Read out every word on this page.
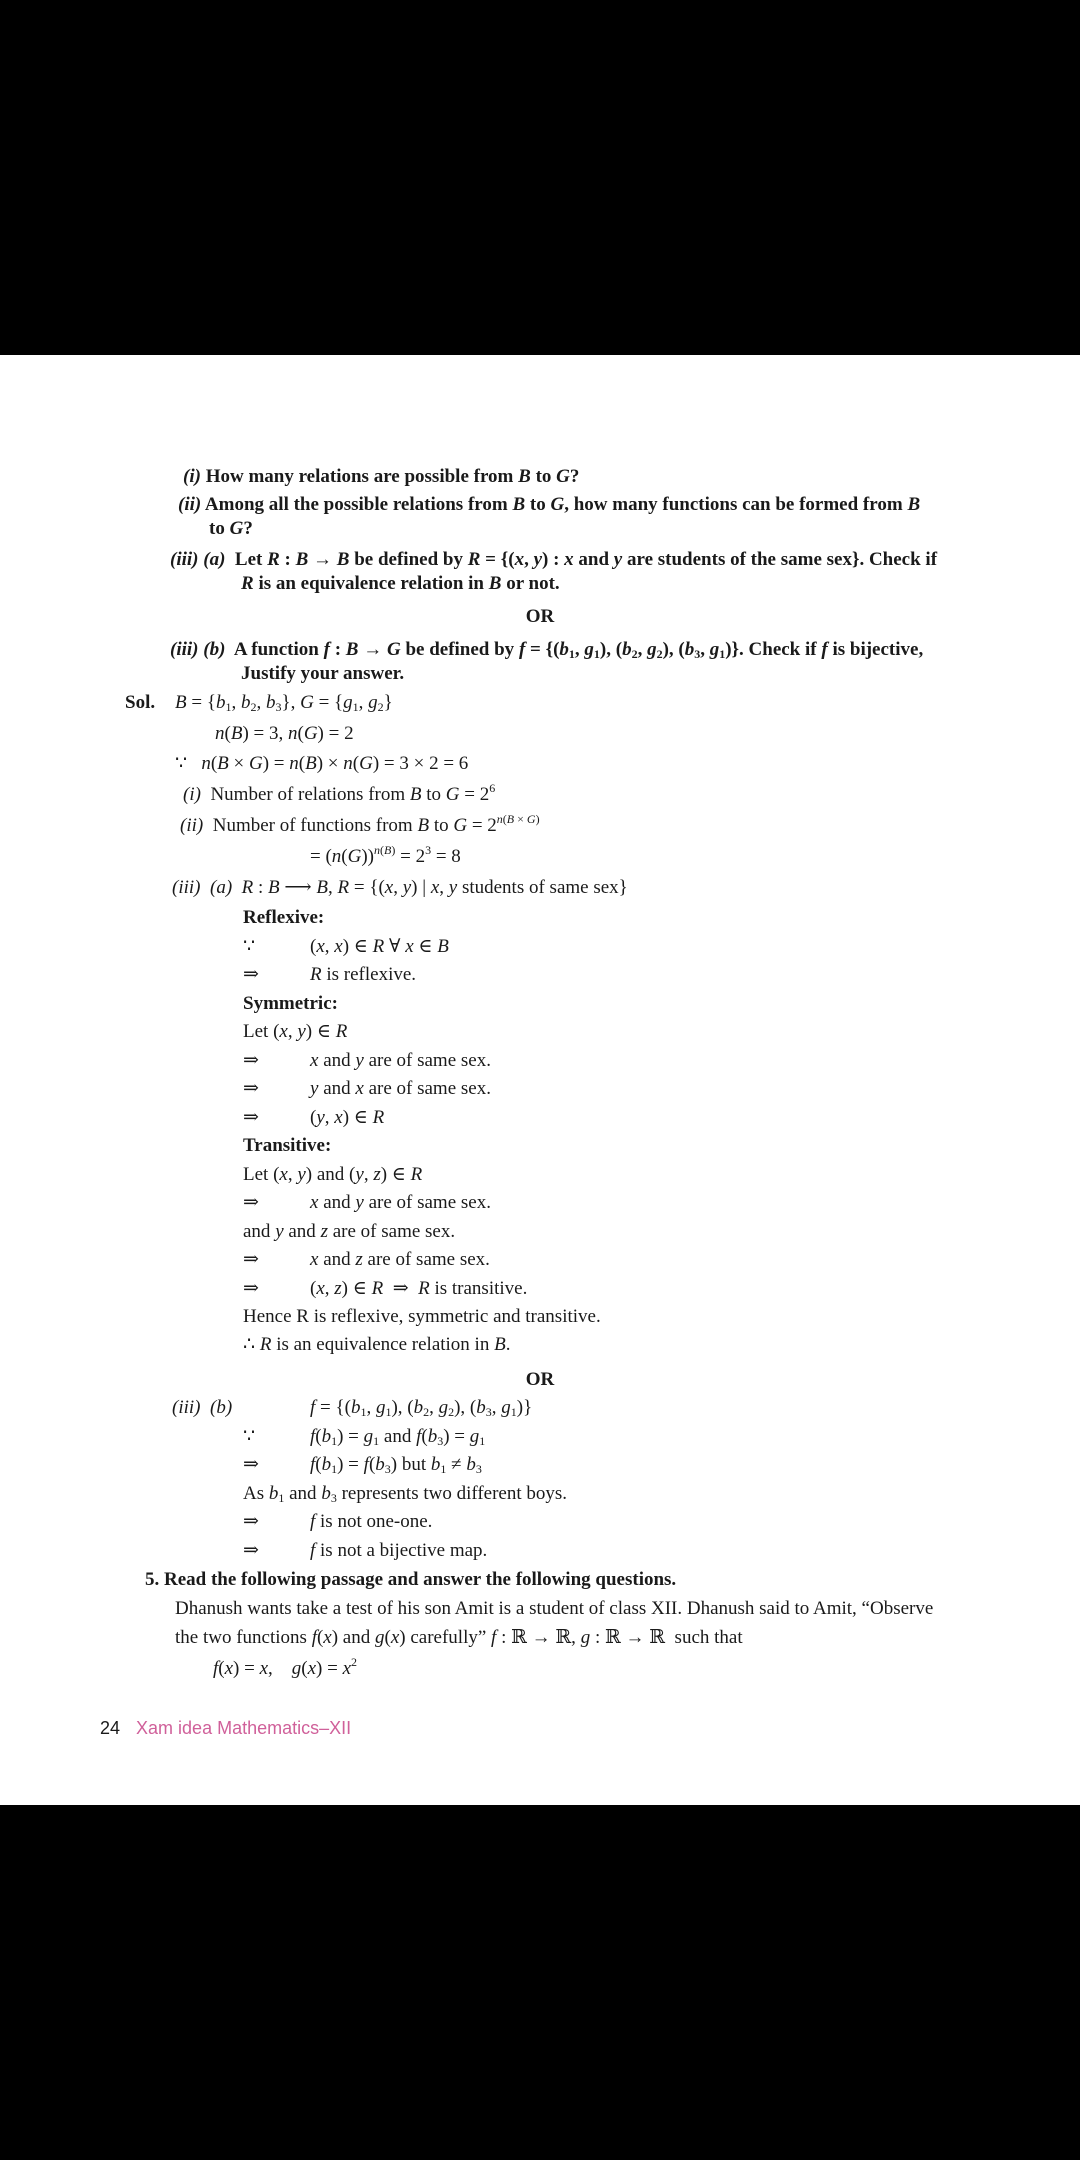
(i) How many relations are possible from B to G?
(ii) Among all the possible relations from B to G, how many functions can be formed from B
to G?
(iii) (a)  Let R : B → B be defined by R = {(x, y) : x and y are students of the same sex}. Check if
R is an equivalence relation in B or not.
OR
(iii) (b)  A function f : B → G be defined by $f = \{(b_1$, $g_1$), ($b_2$, $g_2$), ($b_3$, $g_1$)}. Check if f is bijective,
Justify your answer.
Sol. $B = \{b_1$, $b_2$, $b_3$}, $G = \{g_1$, $g_2$}
n(B) = 3, n(G) = 2
∵   n(B × G) = n(B) × n(G) = 3 × 2 = 6
(i)  Number of relations from B to $G = 2^6$
(ii)  Number of functions from B to $G = 2^{n(B \times G)}$
= $(n(G))^{n(B)} = 2^3 = 8$
(iii) (a) R : B ⟶ B, R = {(x, y) | x, y students of same sex}
Reflexive:
∵	(x, x) ∈ R ∀ x ∈ B
⇒	R is reflexive.
Symmetric:
Let (x, y) ∈ R
⇒	x and y are of same sex.
⇒	y and x are of same sex.
⇒	(y, x) ∈ R
Transitive:
Let (x, y) and (y, z) ∈ R
⇒	x and y are of same sex.
and y and z are of same sex.
⇒	x and z are of same sex.
⇒	(x, z) ∈ R  ⇒  R is transitive.
Hence R is reflexive, symmetric and transitive.
∴ R is an equivalence relation in B.
OR
(iii) (b)	$f = \{(b_1$, $g_1$), ($b_2$, $g_2$), ($b_3$, $g_1$)}
∵	$f(b_1) = g_1$ and $f(b_3) = g_1$
⇒	$f(b_1) = f(b_3)$ but $b_1 \ne b_3$
As $b_1$ and $b_3$ represents two different boys.
⇒	f is not one-one.
⇒	f is not a bijective map.
5. Read the following passage and answer the following questions.
Dhanush wants take a test of his son Amit is a student of class XII. Dhanush said to Amit, “Observe
the two functions f(x) and g(x) carefully” f : ℝ → ℝ, g : ℝ → ℝ  such that
f(x) = x,    $g(x) = x^2$
24 Xam idea Mathematics–XII
